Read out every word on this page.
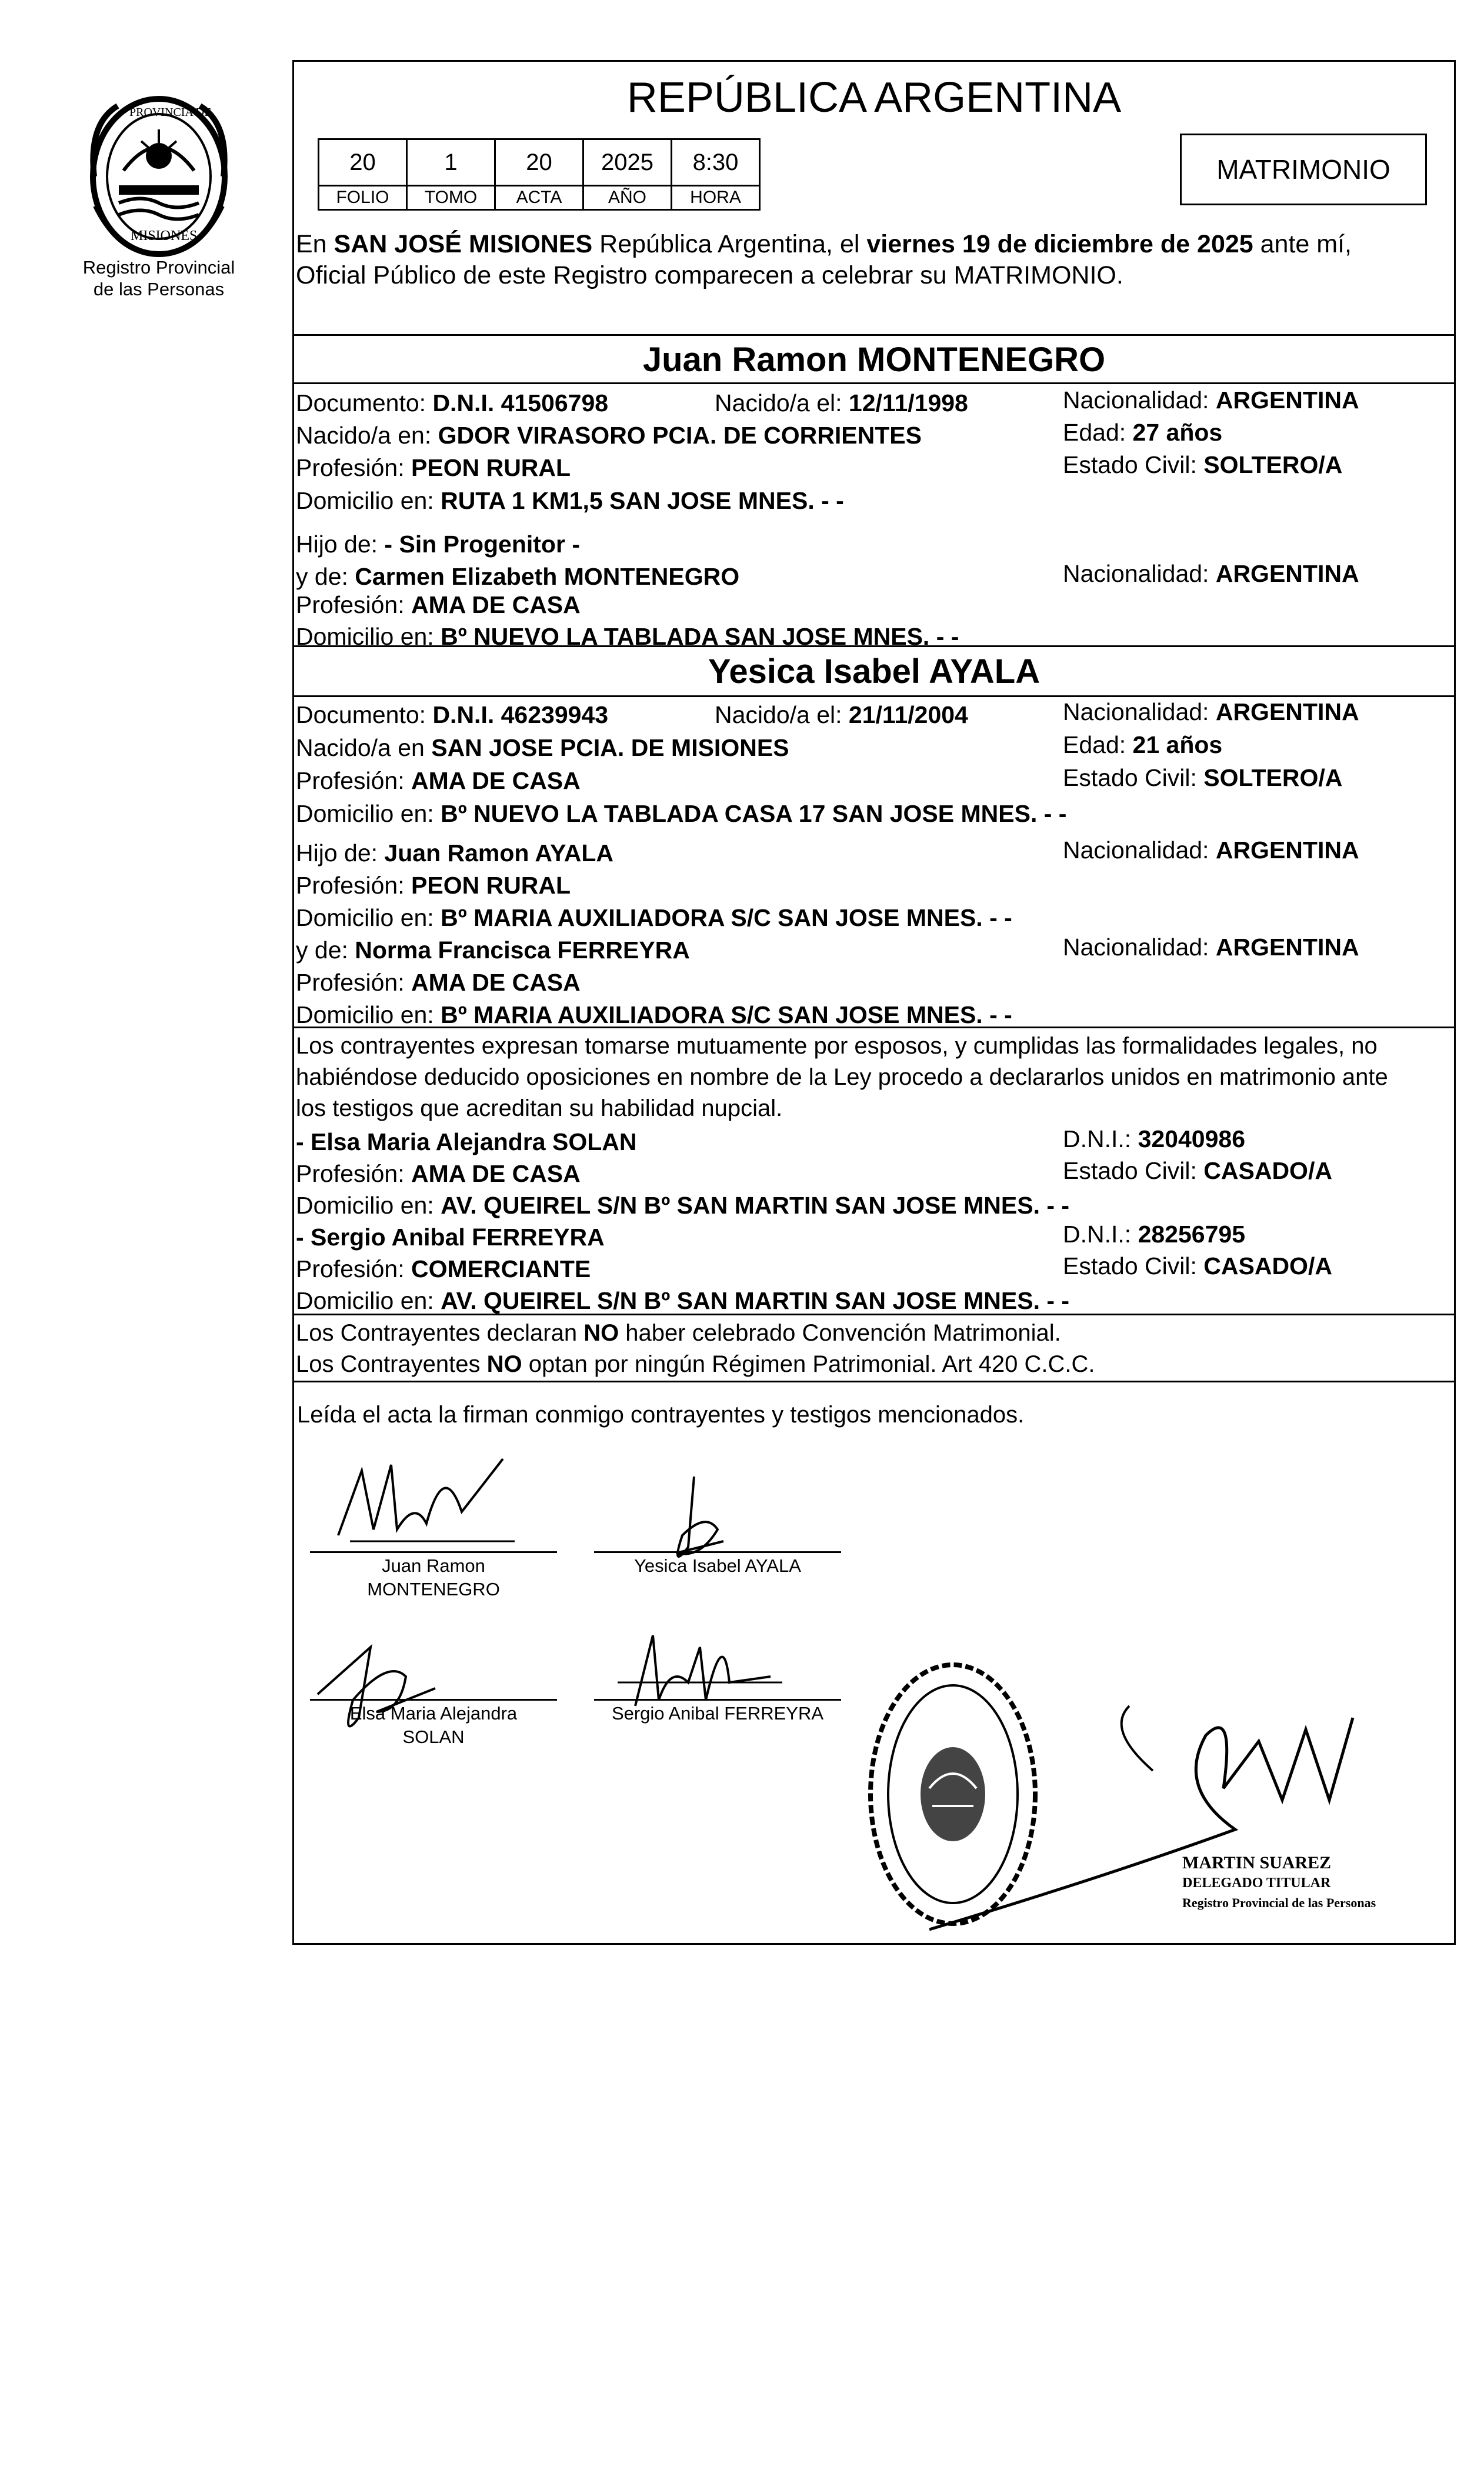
PROVINCIA DE
MISIONES
Registro Provincial
de las Personas
REPÚBLICA ARGENTINA
20	1	20	2025	8:30
FOLIO	TOMO	ACTA	AÑO	HORA
MATRIMONIO
En SAN JOSÉ MISIONES República Argentina, el viernes 19 de diciembre de 2025 ante mí,
Oficial Público de este Registro comparecen a celebrar su MATRIMONIO.
Juan Ramon MONTENEGRO
Documento: D.N.I. 41506798	Nacido/a el: 12/11/1998	Nacionalidad: ARGENTINA
Nacido/a en: GDOR VIRASORO PCIA. DE CORRIENTES	Edad: 27 años
Profesión: PEON RURAL	Estado Civil: SOLTERO/A
Domicilio en: RUTA 1 KM1,5 SAN JOSE MNES. - -
Hijo de: - Sin Progenitor -
y de: Carmen Elizabeth MONTENEGRO	Nacionalidad: ARGENTINA
Profesión: AMA DE CASA
Domicilio en: Bº NUEVO LA TABLADA SAN JOSE MNES. - -
Yesica Isabel AYALA
Documento: D.N.I. 46239943	Nacido/a el: 21/11/2004	Nacionalidad: ARGENTINA
Nacido/a en SAN JOSE PCIA. DE MISIONES	Edad: 21 años
Profesión: AMA DE CASA	Estado Civil: SOLTERO/A
Domicilio en: Bº NUEVO LA TABLADA CASA 17 SAN JOSE MNES. - -
Hijo de: Juan Ramon AYALA	Nacionalidad: ARGENTINA
Profesión: PEON RURAL
Domicilio en: Bº MARIA AUXILIADORA S/C SAN JOSE MNES. - -
y de: Norma Francisca FERREYRA	Nacionalidad: ARGENTINA
Profesión: AMA DE CASA
Domicilio en: Bº MARIA AUXILIADORA S/C SAN JOSE MNES. - -
Los contrayentes expresan tomarse mutuamente por esposos, y cumplidas las formalidades legales, no
habiéndose deducido oposiciones en nombre de la Ley procedo a declararlos unidos en matrimonio ante
los testigos que acreditan su habilidad nupcial.
- Elsa Maria Alejandra SOLAN	D.N.I.: 32040986
Profesión: AMA DE CASA	Estado Civil: CASADO/A
Domicilio en: AV. QUEIREL S/N Bº SAN MARTIN SAN JOSE MNES. - -
- Sergio Anibal FERREYRA	D.N.I.: 28256795
Profesión: COMERCIANTE	Estado Civil: CASADO/A
Domicilio en: AV. QUEIREL S/N Bº SAN MARTIN SAN JOSE MNES. - -
Los Contrayentes declaran NO haber celebrado Convención Matrimonial.
Los Contrayentes NO optan por ningún Régimen Patrimonial. Art 420 C.C.C.
Leída el acta la firman conmigo contrayentes y testigos mencionados.
Juan Ramon
MONTENEGRO
Yesica Isabel AYALA
Elsa Maria Alejandra
SOLAN
Sergio Anibal FERREYRA
MARTIN SUAREZ
DELEGADO TITULAR
Registro Provincial de las Personas
